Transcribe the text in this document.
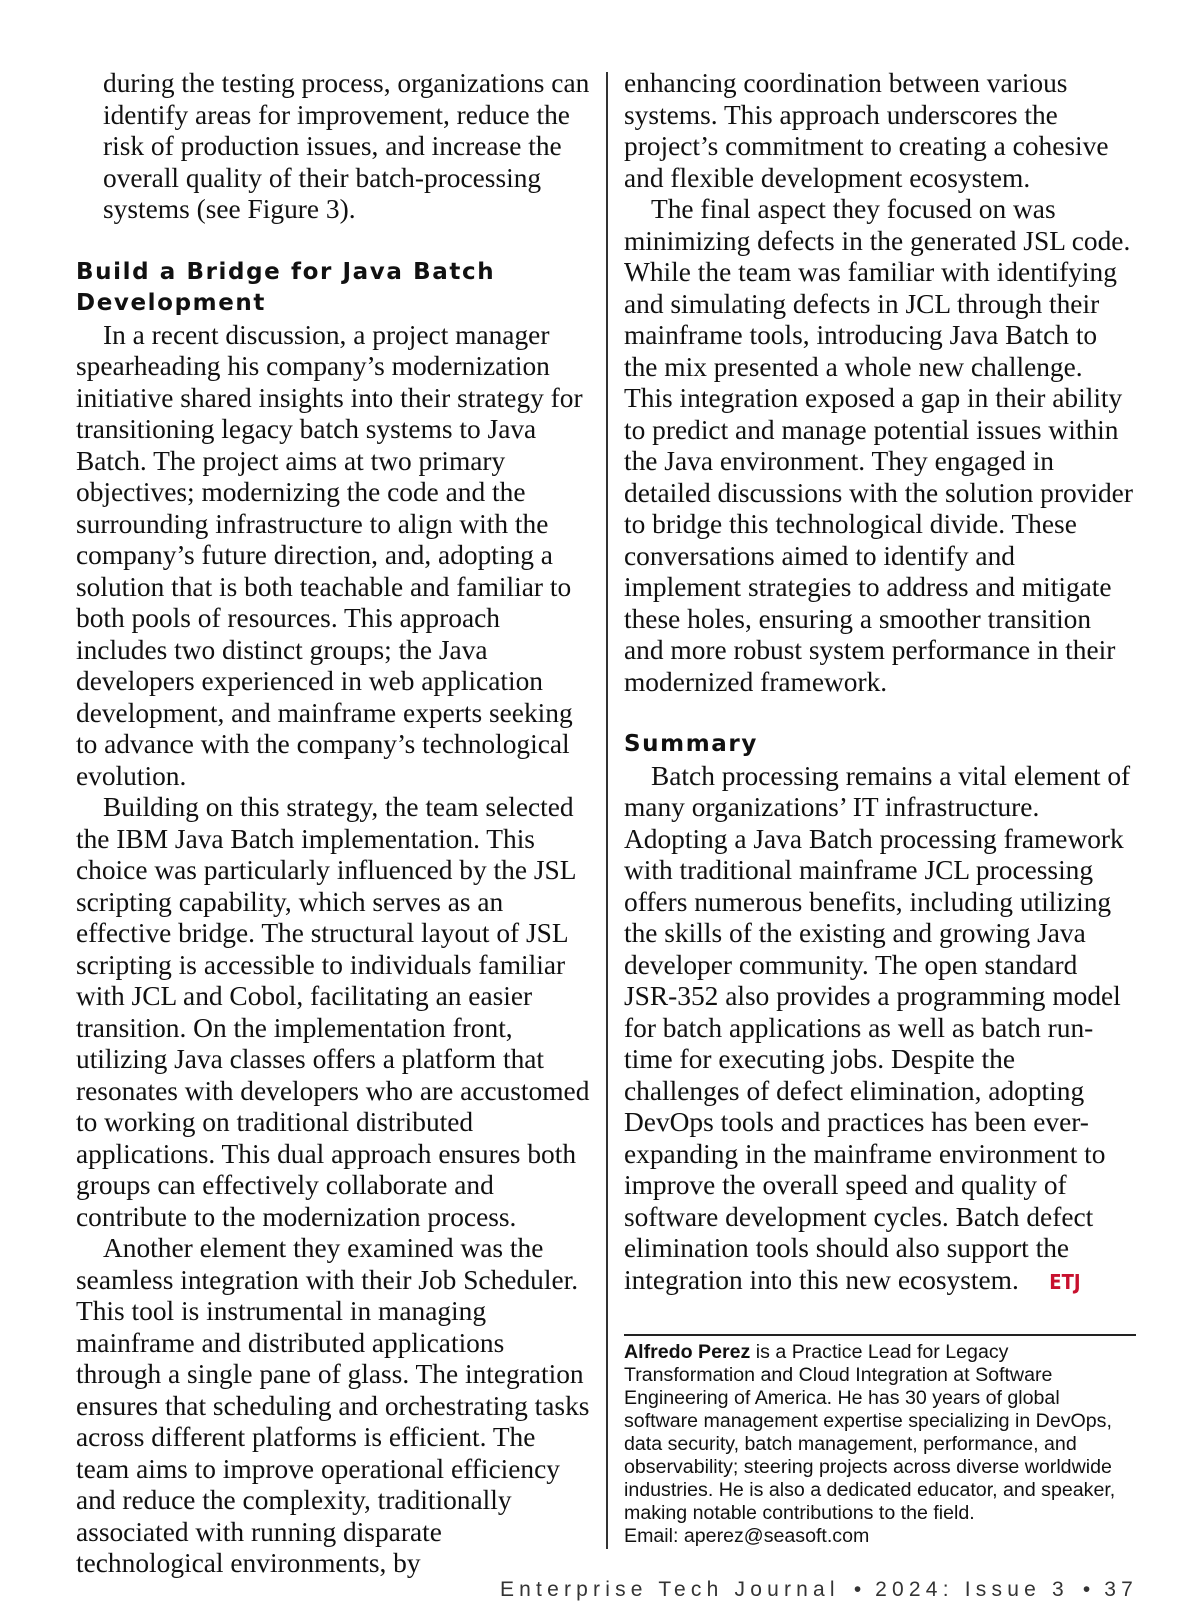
during the testing process, organizations can identify areas for improvement, reduce the risk of production issues, and increase the overall quality of their batch-processing systems (see Figure 3).

Build a Bridge for Java Batch Development

In a recent discussion, a project manager spearheading his company’s modernization initiative shared insights into their strategy for transitioning legacy batch systems to Java Batch. The project aims at two primary objectives; modernizing the code and the surrounding infrastructure to align with the company’s future direction, and, adopting a solution that is both teachable and familiar to both pools of resources. This approach includes two distinct groups; the Java developers experienced in web application development, and mainframe experts seeking to advance with the company’s technological evolution.

Building on this strategy, the team selected the IBM Java Batch implementation. This choice was particularly influenced by the JSL scripting capability, which serves as an effective bridge. The structural layout of JSL scripting is accessible to individuals familiar with JCL and Cobol, facilitating an easier transition. On the implementation front, utilizing Java classes offers a platform that resonates with developers who are accustomed to working on traditional distributed applications. This dual approach ensures both groups can effectively collaborate and contribute to the modernization process.

Another element they examined was the seamless integration with their Job Scheduler. This tool is instrumental in managing mainframe and distributed applications through a single pane of glass. The integration ensures that scheduling and orchestrating tasks across different platforms is efficient. The team aims to improve operational efficiency and reduce the complexity, traditionally associated with running disparate technological environments, by

enhancing coordination between various systems. This approach underscores the project’s commitment to creating a cohesive and flexible development ecosystem.

The final aspect they focused on was minimizing defects in the generated JSL code. While the team was familiar with identifying and simulating defects in JCL through their mainframe tools, introducing Java Batch to the mix presented a whole new challenge. This integration exposed a gap in their ability to predict and manage potential issues within the Java environment. They engaged in detailed discussions with the solution provider to bridge this technological divide. These conversations aimed to identify and implement strategies to address and mitigate these holes, ensuring a smoother transition and more robust system performance in their modernized framework.

Summary

Batch processing remains a vital element of many organizations’ IT infrastructure. Adopting a Java Batch processing framework with traditional mainframe JCL processing offers numerous benefits, including utilizing the skills of the existing and growing Java developer community. The open standard JSR-352 also provides a programming model for batch applications as well as batch run-time for executing jobs. Despite the challenges of defect elimination, adopting DevOps tools and practices has been ever-expanding in the mainframe environment to improve the overall speed and quality of software development cycles. Batch defect elimination tools should also support the integration into this new ecosystem. ETJ

Alfredo Perez is a Practice Lead for Legacy Transformation and Cloud Integration at Software Engineering of America. He has 30 years of global software management expertise specializing in DevOps, data security, batch management, performance, and observability; steering projects across diverse worldwide industries. He is also a dedicated educator, and speaker, making notable contributions to the field.
Email: aperez@seasoft.com

Enterprise Tech Journal • 2024: Issue 3 • 37
